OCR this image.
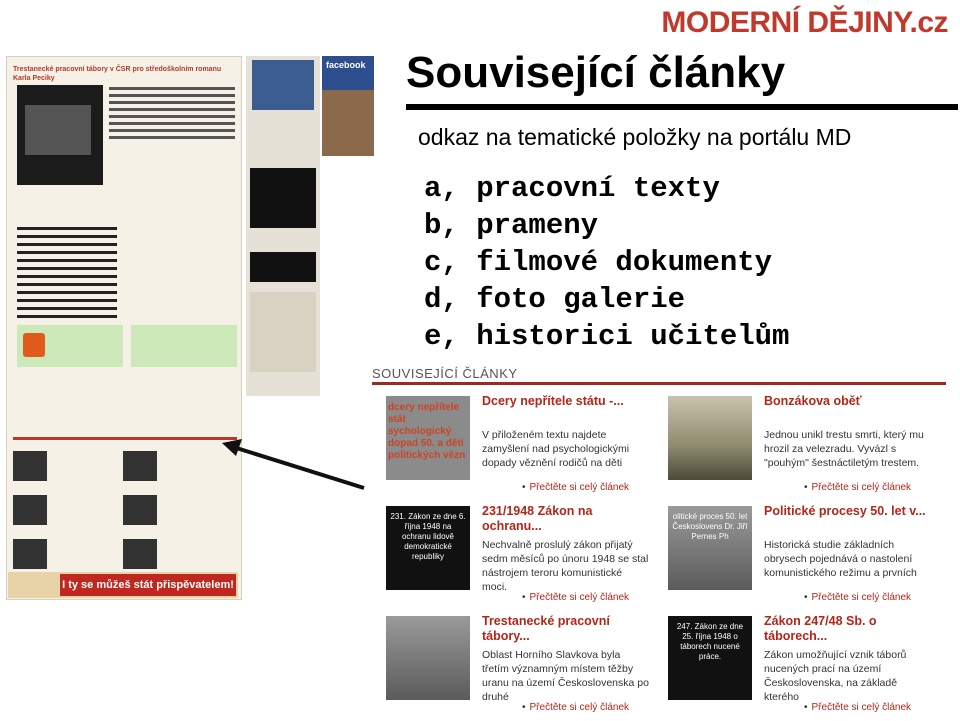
MODERNÍ DĚJINY.cz
Související články
odkaz na tematické položky na portálu MD
a, pracovní texty
b, prameny
c, filmové dokumenty
d, foto galerie
e, historici učitelům
Trestanecké pracovní tábory v ČSR pro středoškolním romanu Karla Peciky
facebook
I ty se můžeš stát přispěvatelem!
SOUVISEJÍCÍ ČLÁNKY
dcery nepřítele stát sychologický dopad 50. a děti politických vězn
Dcery nepřítele státu -...
V přiloženém textu najdete zamyšlení nad psychologickými dopady věznění rodičů na děti
• Přečtěte si celý článek
Bonzákova oběť
Jednou unikl trestu smrti, který mu hrozil za velezradu. Vyvázl s "pouhým" šestnáctiletým trestem.
• Přečtěte si celý článek
231. Zákon ze dne 6. října 1948 na ochranu lidově demokratické republiky
231/1948 Zákon na ochranu...
Nechvalně proslulý zákon přijatý sedm měsíců po únoru 1948 se stal nástrojem teroru komunistické moci.
• Přečtěte si celý článek
olitické proces 50. let Českoslovens Dr. Jiří Pernes Ph
Politické procesy 50. let v...
Historická studie základních obrysech pojednává o nastolení komunistického režimu a prvních
• Přečtěte si celý článek
Trestanecké pracovní tábory...
Oblast Horního Slavkova byla třetím významným místem těžby uranu na území Československa po druhé
• Přečtěte si celý článek
247. Zákon ze dne 25. října 1948 o táborech nucené práce.
Zákon 247/48 Sb. o táborech...
Zákon umožňující vznik táborů nucených prací na území Československa, na základě kterého
• Přečtěte si celý článek
